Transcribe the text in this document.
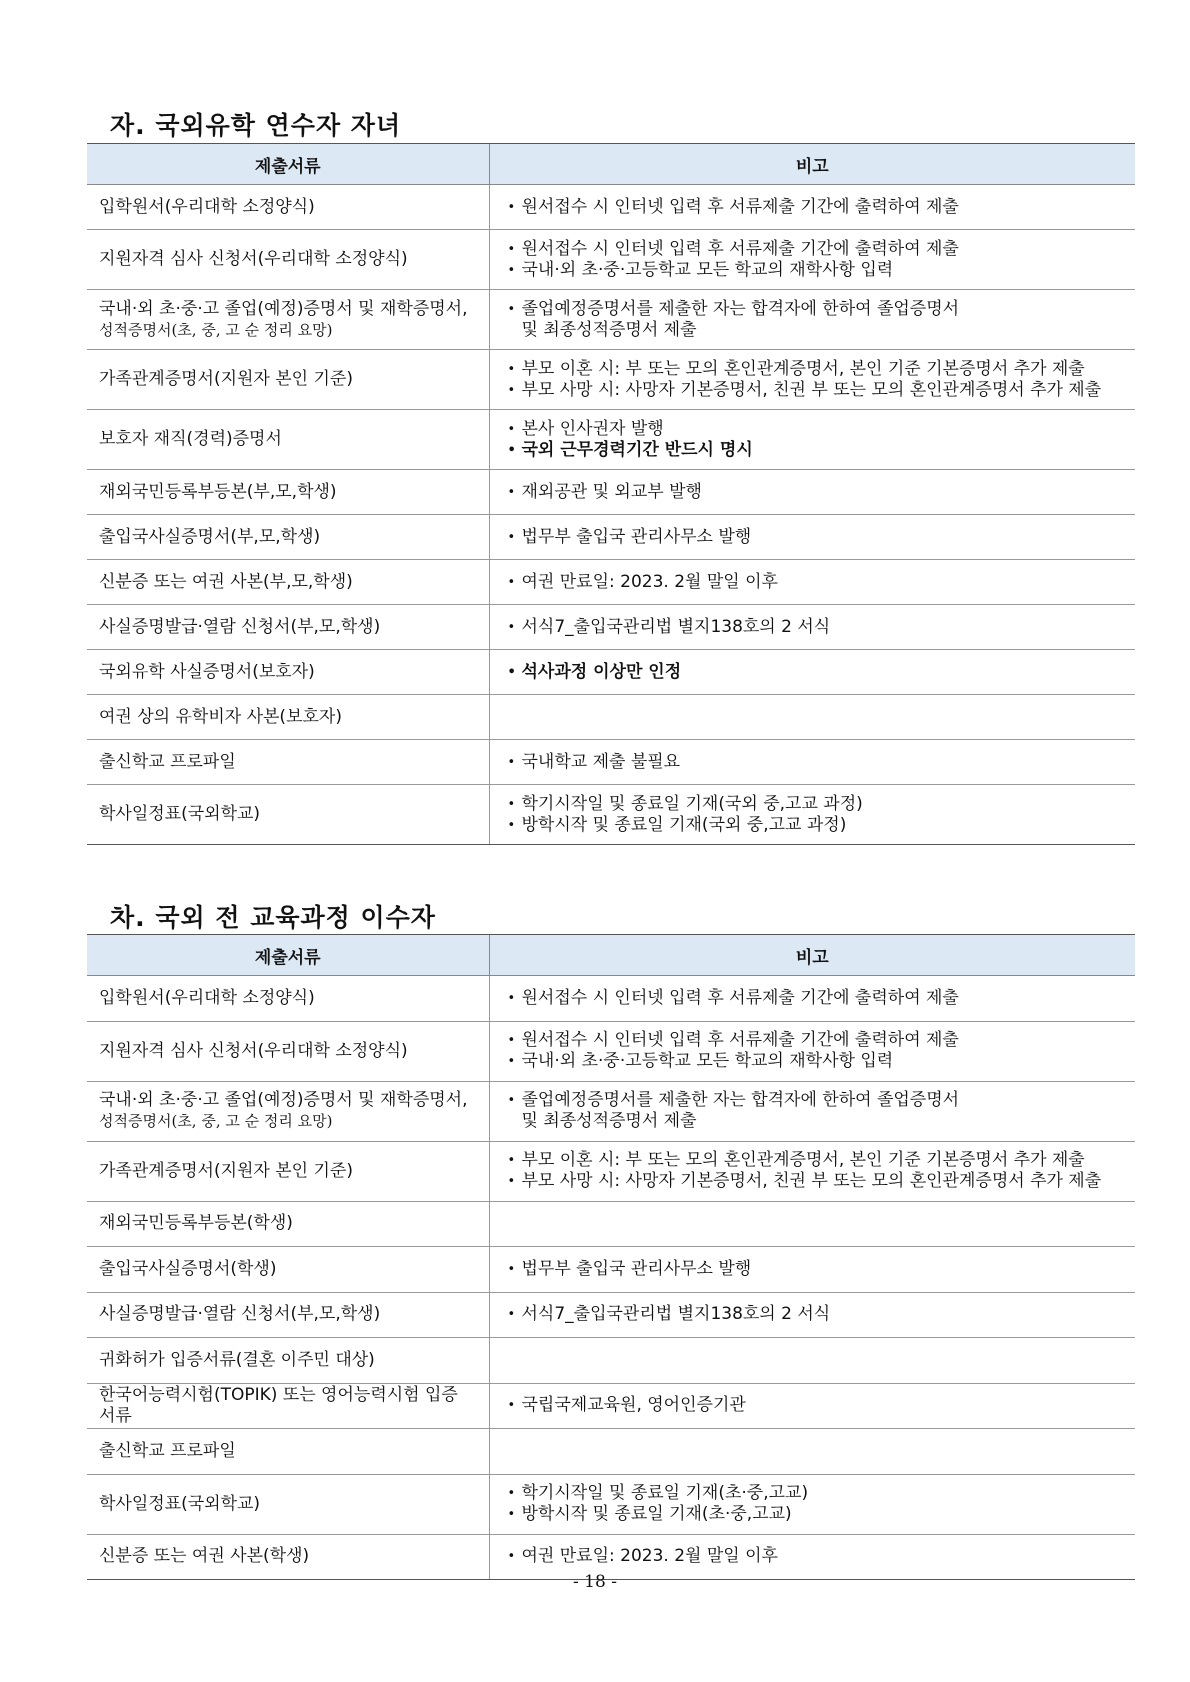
자. 국외유학 연수자 자녀
제출서류	비고

입학원서(우리대학 소정양식)	• 원서접수 시 인터넷 입력 후 서류제출 기간에 출력하여 제출

지원자격 심사 신청서(우리대학 소정양식)	• 원서접수 시 인터넷 입력 후 서류제출 기간에 출력하여 제출
• 국내·외 초·중·고등학교 모든 학교의 재학사항 입력

국내·외 초·중·고 졸업(예정)증명서 및 재학증명서,
성적증명서(초, 중, 고 순 정리 요망)	• 졸업예정증명서를 제출한 자는 합격자에 한하여 졸업증명서
및 최종성적증명서 제출

가족관계증명서(지원자 본인 기준)	• 부모 이혼 시: 부 또는 모의 혼인관계증명서, 본인 기준 기본증명서 추가 제출
• 부모 사망 시: 사망자 기본증명서, 친권 부 또는 모의 혼인관계증명서 추가 제출

보호자 재직(경력)증명서	• 본사 인사권자 발행
• 국외 근무경력기간 반드시 명시

재외국민등록부등본(부,모,학생)	• 재외공관 및 외교부 발행

출입국사실증명서(부,모,학생)	• 법무부 출입국 관리사무소 발행

신분증 또는 여권 사본(부,모,학생)	• 여권 만료일: 2023. 2월 말일 이후

사실증명발급·열람 신청서(부,모,학생)	• 서식7_출입국관리법 별지138호의 2 서식

국외유학 사실증명서(보호자)	• 석사과정 이상만 인정

여권 상의 유학비자 사본(보호자)	

출신학교 프로파일	• 국내학교 제출 불필요

학사일정표(국외학교)	• 학기시작일 및 종료일 기재(국외 중,고교 과정)
• 방학시작 및 종료일 기재(국외 중,고교 과정)
차. 국외 전 교육과정 이수자
제출서류	비고

입학원서(우리대학 소정양식)	• 원서접수 시 인터넷 입력 후 서류제출 기간에 출력하여 제출

지원자격 심사 신청서(우리대학 소정양식)	• 원서접수 시 인터넷 입력 후 서류제출 기간에 출력하여 제출
• 국내·외 초·중·고등학교 모든 학교의 재학사항 입력

국내·외 초·중·고 졸업(예정)증명서 및 재학증명서,
성적증명서(초, 중, 고 순 정리 요망)	• 졸업예정증명서를 제출한 자는 합격자에 한하여 졸업증명서
및 최종성적증명서 제출

가족관계증명서(지원자 본인 기준)	• 부모 이혼 시: 부 또는 모의 혼인관계증명서, 본인 기준 기본증명서 추가 제출
• 부모 사망 시: 사망자 기본증명서, 친권 부 또는 모의 혼인관계증명서 추가 제출

재외국민등록부등본(학생)	

출입국사실증명서(학생)	• 법무부 출입국 관리사무소 발행

사실증명발급·열람 신청서(부,모,학생)	• 서식7_출입국관리법 별지138호의 2 서식

귀화허가 입증서류(결혼 이주민 대상)	

한국어능력시험(TOPIK) 또는 영어능력시험 입증 서류	• 국립국제교육원, 영어인증기관

출신학교 프로파일	

학사일정표(국외학교)	• 학기시작일 및 종료일 기재(초·중,고교)
• 방학시작 및 종료일 기재(초·중,고교)

신분증 또는 여권 사본(학생)	• 여권 만료일: 2023. 2월 말일 이후
- 18 -
